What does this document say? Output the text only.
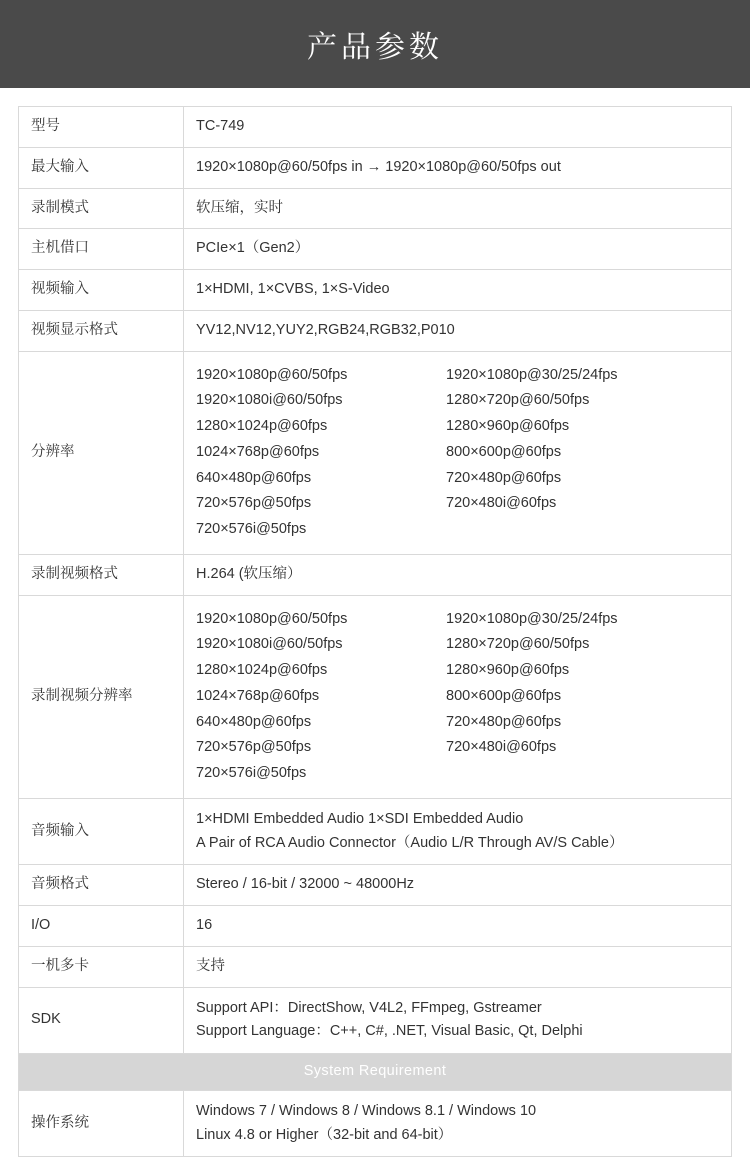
产品参数
型号	TC-749
最大输入	1920×1080p@60/50fps in → 1920×1080p@60/50fps out
录制模式	软压缩，实时
主机借口	PCIe×1（Gen2）
视频输入	1×HDMI, 1×CVBS, 1×S-Video
视频显示格式	YV12,NV12,YUY2,RGB24,RGB32,P010
分辨率	
1920×1080p@60/50fps	1920×1080p@30/25/24fps
1920×1080i@60/50fps	1280×720p@60/50fps
1280×1024p@60fps	1280×960p@60fps
1024×768p@60fps	800×600p@60fps
640×480p@60fps	720×480p@60fps
720×576p@50fps	720×480i@60fps
720×576i@50fps

录制视频格式	H.264 (软压缩）
录制视频分辨率	
1920×1080p@60/50fps	1920×1080p@30/25/24fps
1920×1080i@60/50fps	1280×720p@60/50fps
1280×1024p@60fps	1280×960p@60fps
1024×768p@60fps	800×600p@60fps
640×480p@60fps	720×480p@60fps
720×576p@50fps	720×480i@60fps
720×576i@50fps

音频输入	1×HDMI Embedded Audio 1×SDI Embedded Audio
A Pair of RCA Audio Connector（Audio L/R Through AV/S Cable）

音频格式	Stereo / 16-bit / 32000 ~ 48000Hz
I/O	16
一机多卡	支持
SDK	Support API：DirectShow, V4L2, FFmpeg, Gstreamer
Support Language：C++, C#, .NET, Visual Basic, Qt, Delphi

System Requirement	
操作系统	Windows 7 / Windows 8 / Windows 8.1 / Windows 10
Linux 4.8 or Higher（32-bit and 64-bit）
